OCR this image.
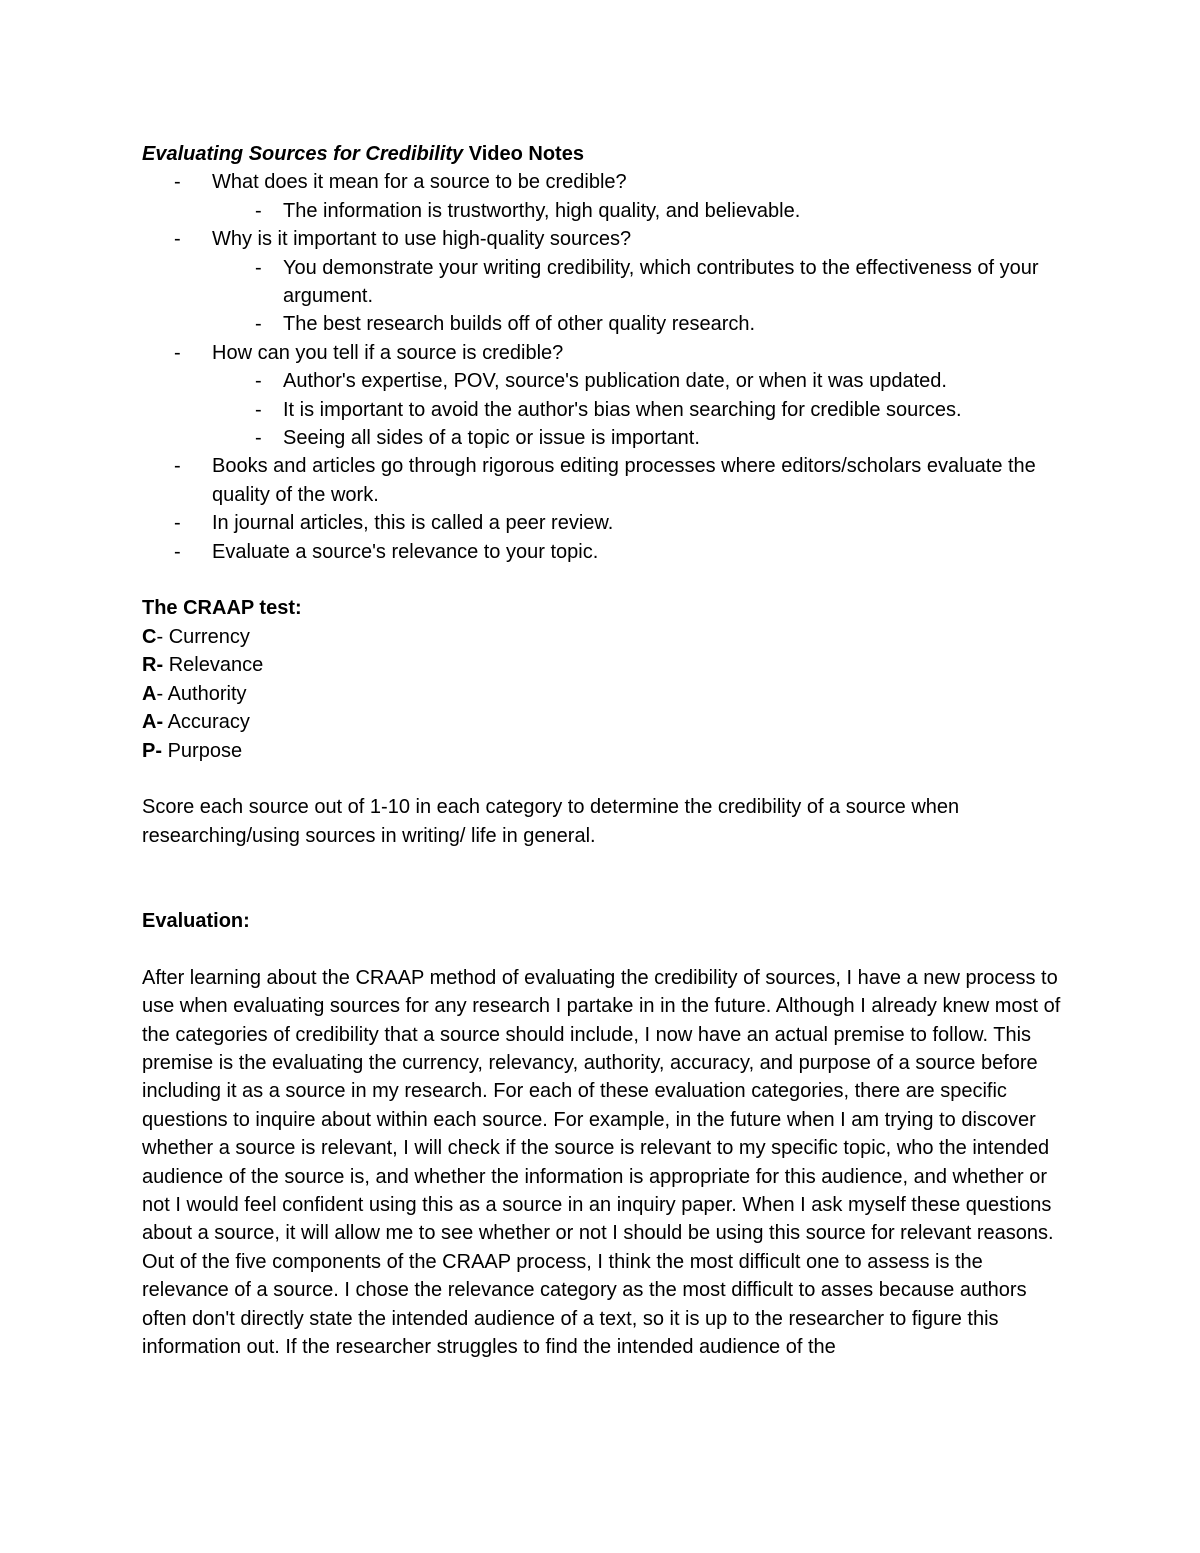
Evaluating Sources for Credibility Video Notes

- What does it mean for a source to be credible?
- The information is trustworthy, high quality, and believable.
- Why is it important to use high-quality sources?
- You demonstrate your writing credibility, which contributes to the effectiveness of your argument.
- The best research builds off of other quality research.
- How can you tell if a source is credible?
- Author's expertise, POV, source's publication date, or when it was updated.
- It is important to avoid the author's bias when searching for credible sources.
- Seeing all sides of a topic or issue is important.
- Books and articles go through rigorous editing processes where editors/scholars evaluate the quality of the work.
- In journal articles, this is called a peer review.
- Evaluate a source's relevance to your topic.

The CRAAP test:

C- Currency

R- Relevance

A- Authority

A- Accuracy

P- Purpose

Score each source out of 1-10 in each category to determine the credibility of a source when researching/using sources in writing/ life in general.

Evaluation:

After learning about the CRAAP method of evaluating the credibility of sources, I have a new process to use when evaluating sources for any research I partake in in the future. Although I already knew most of the categories of credibility that a source should include, I now have an actual premise to follow. This premise is the evaluating the currency, relevancy, authority, accuracy, and purpose of a source before including it as a source in my research. For each of these evaluation categories, there are specific questions to inquire about within each source. For example, in the future when I am trying to discover whether a source is relevant, I will check if the source is relevant to my specific topic, who the intended audience of the source is, and whether the information is appropriate for this audience, and whether or not I would feel confident using this as a source in an inquiry paper. When I ask myself these questions about a source, it will allow me to see whether or not I should be using this source for relevant reasons. Out of the five components of the CRAAP process, I think the most difficult one to assess is the relevance of a source. I chose the relevance category as the most difficult to asses because authors often don't directly state the intended audience of a text, so it is up to the researcher to figure this information out. If the researcher struggles to find the intended audience of the
